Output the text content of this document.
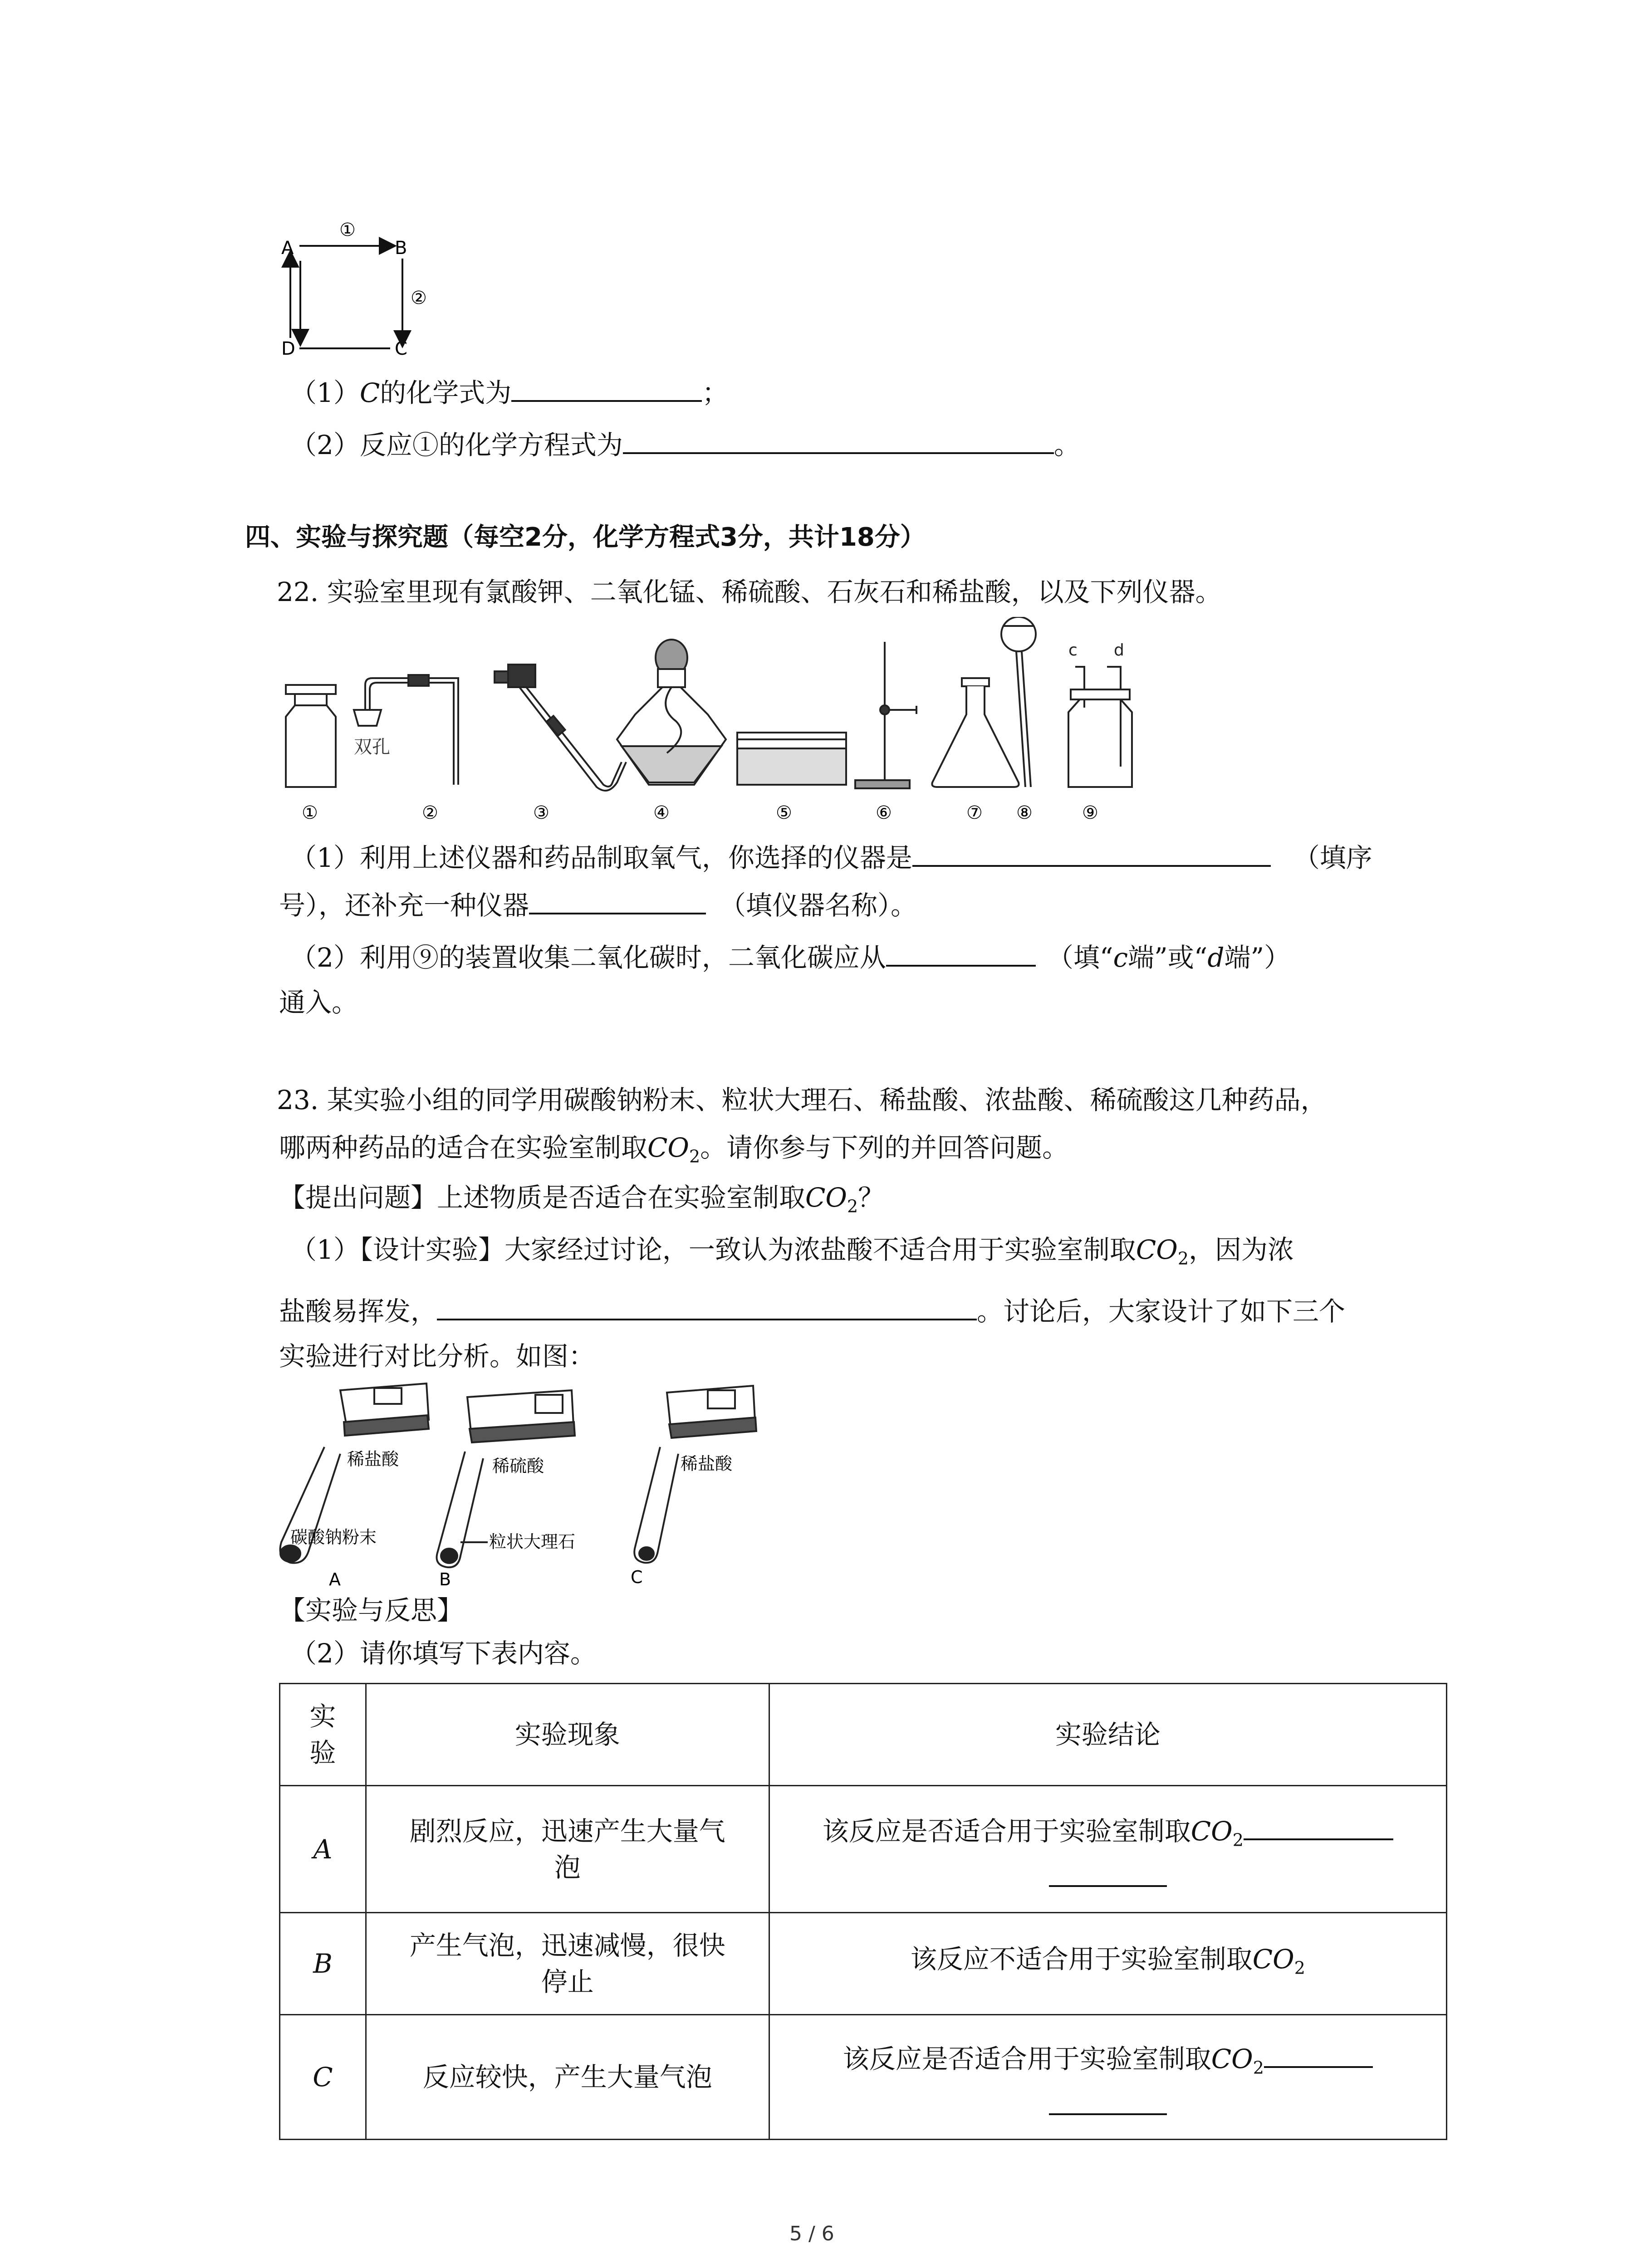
A	B
C
D
①
②
（1）C的化学式为	；
（2）反应①的化学方程式为	。
四、实验与探究题（每空2分，化学方程式3分，共计18分）
22. 实验室里现有氯酸钾、二氧化锰、稀硫酸、石灰石和稀盐酸，以及下列仪器。
双孔
c d
①	②	③	④	⑤	⑥	⑦ ⑧	⑨
（1）利用上述仪器和药品制取氧气，你选择的仪器是	（填序
号），还补充一种仪器	（填仪器名称）。
（2）利用⑨的装置收集二氧化碳时，二氧化碳应从	（填“c端”或“d端”）
通入。
23. 某实验小组的同学用碳酸钠粉末、粒状大理石、稀盐酸、浓盐酸、稀硫酸这几种药品，
哪两种药品的适合在实验室制取$CO_2$。请你参与下列的并回答问题。
【提出问题】上述物质是否适合在实验室制取$CO_2$？
（1）【设计实验】大家经过讨论，一致认为浓盐酸不适合用于实验室制取$CO_2$，因为浓
盐酸易挥发，	。讨论后，大家设计了如下三个
实验进行对比分析。如图：
稀盐酸
碳酸钠粉末
A
稀硫酸
粒状大理石
B
稀盐酸
C
【实验与反思】
（2）请你填写下表内容。
实
验	实验现象	实验结论
A	剧烈反应，迅速产生大量气
泡	该反应是否适合用于实验室制取$CO_2$

B	产生气泡，迅速减慢，很快
停止	该反应不适合用于实验室制取$CO_2$
C	反应较快，产生大量气泡	该反应是否适合用于实验室制取$CO_2$
5 / 6
